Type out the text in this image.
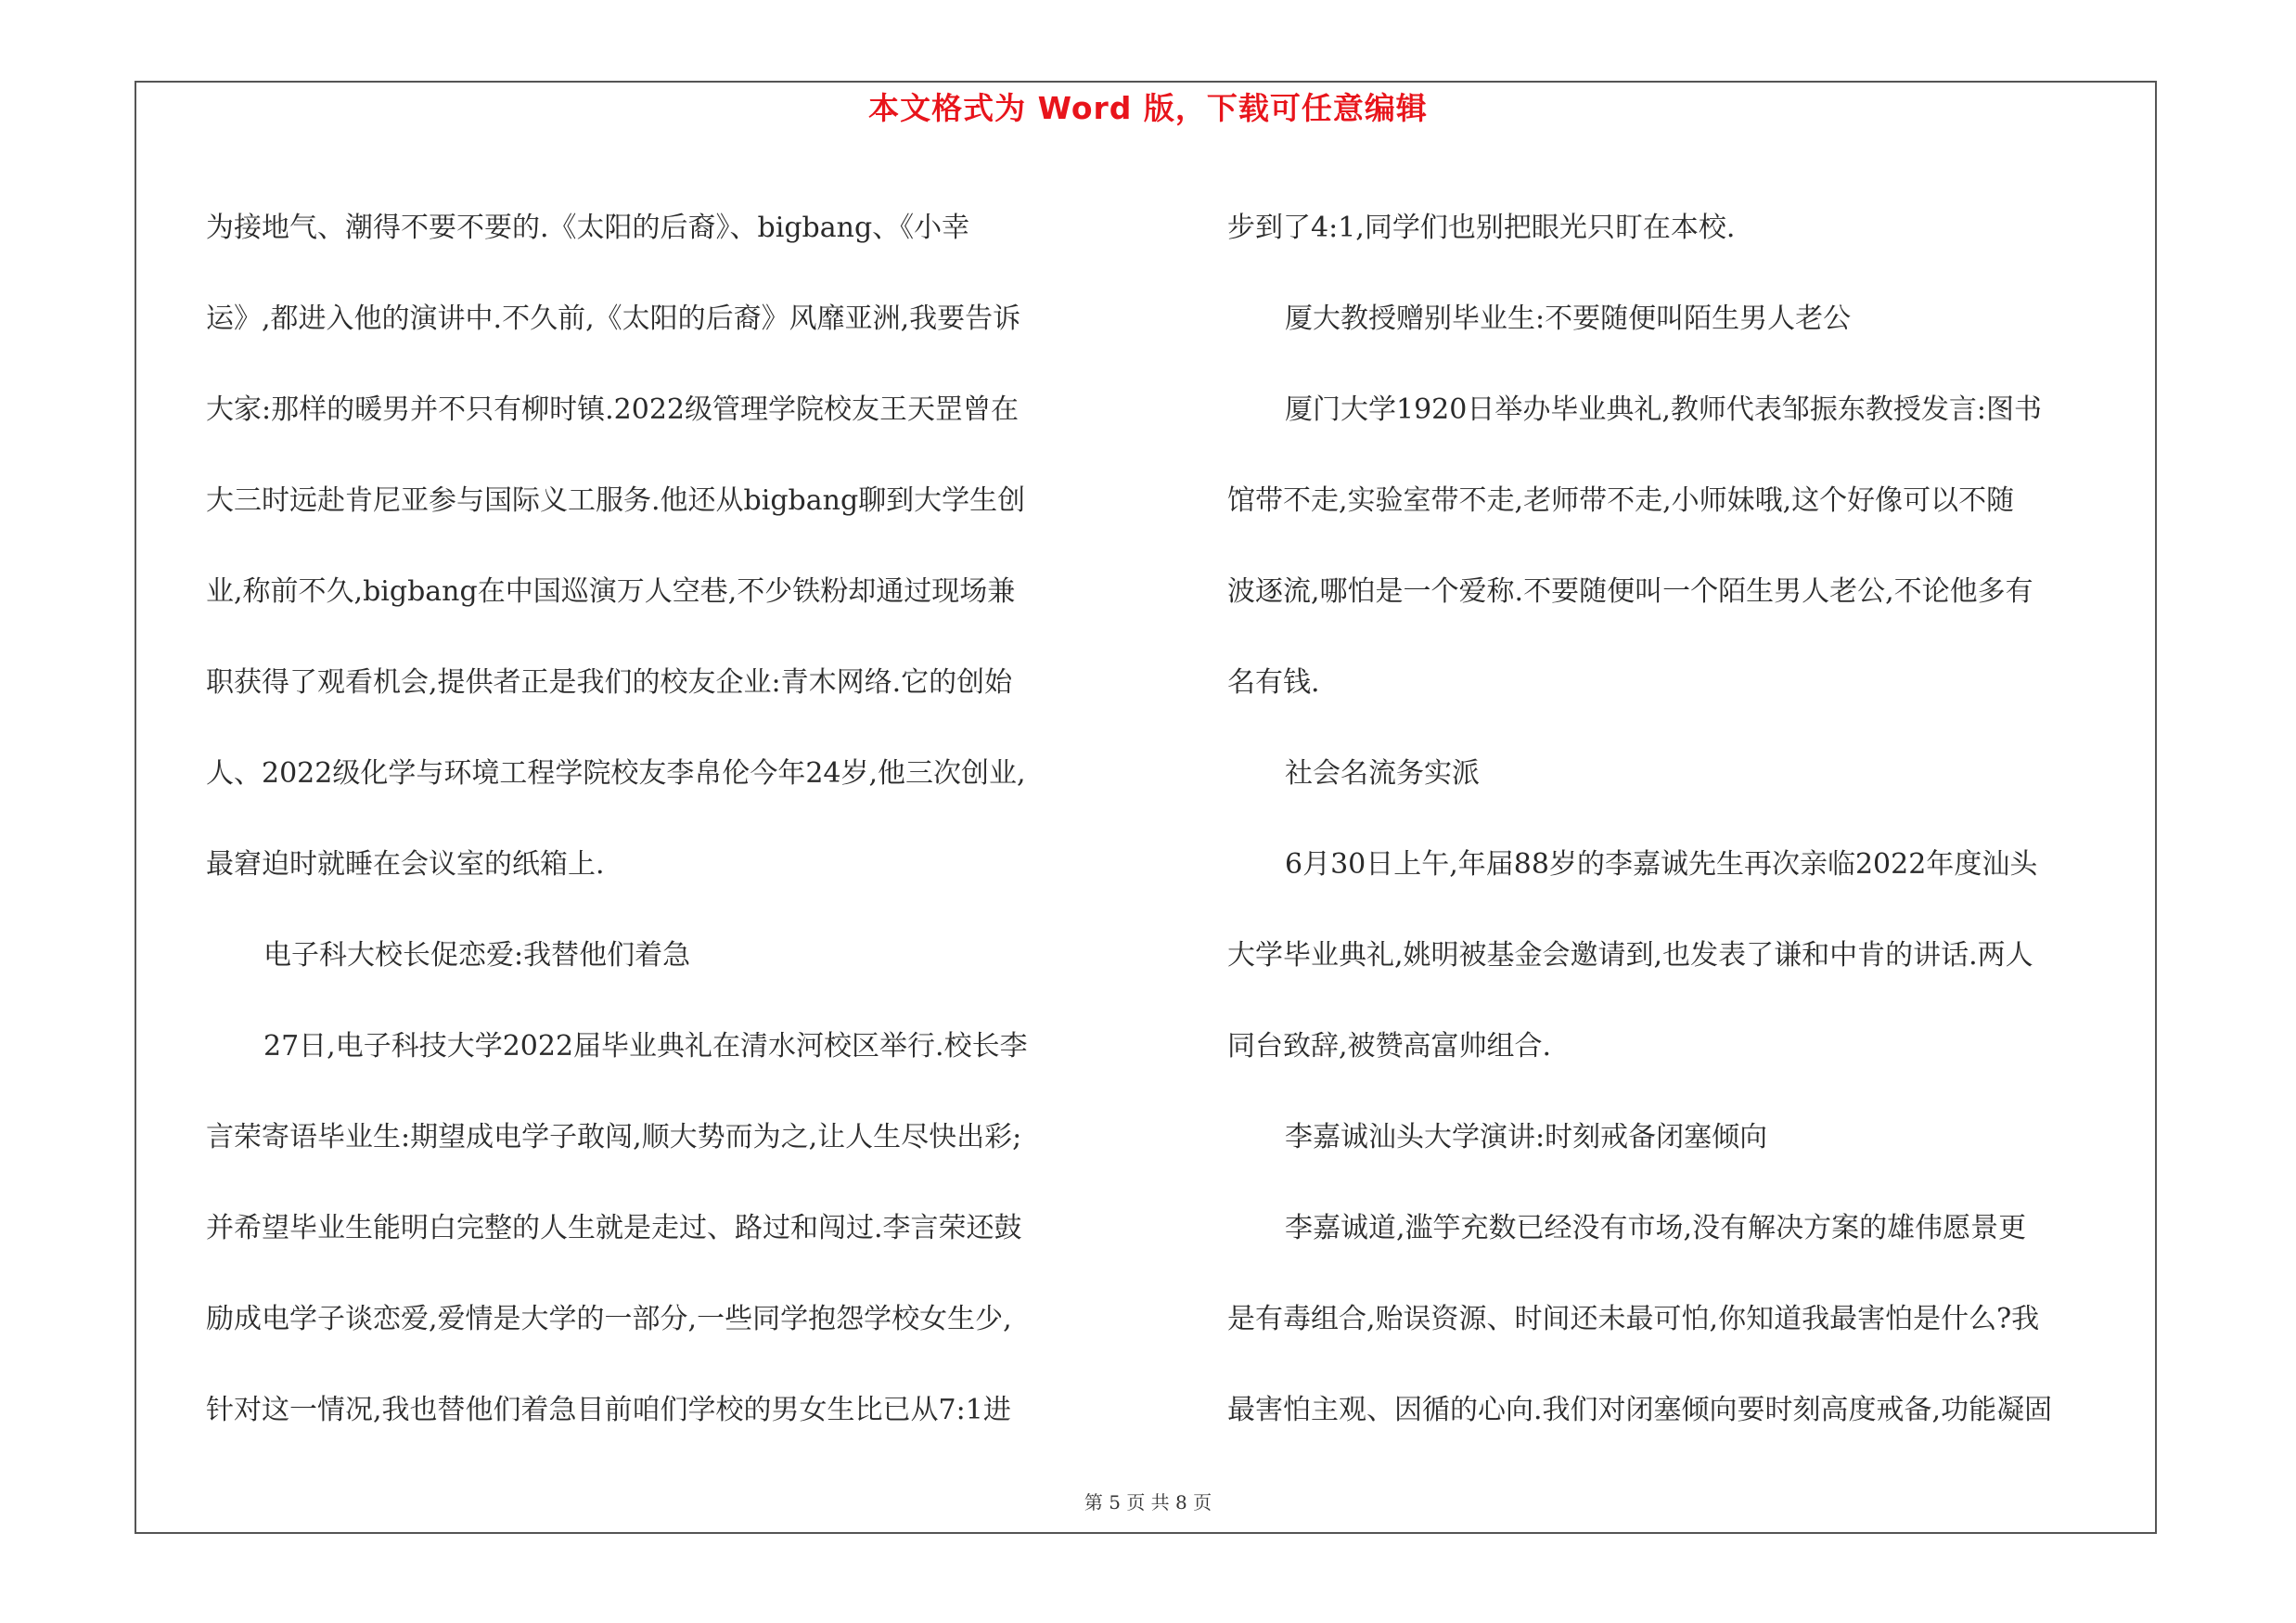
本文格式为 Word 版，下载可任意编辑
为接地气、潮得不要不要的.《太阳的后裔》、bigbang、《小幸
运》,都进入他的演讲中.不久前,《太阳的后裔》风靡亚洲,我要告诉
大家:那样的暖男并不只有柳时镇.2022级管理学院校友王天罡曾在
大三时远赴肯尼亚参与国际义工服务.他还从bigbang聊到大学生创
业,称前不久,bigbang在中国巡演万人空巷,不少铁粉却通过现场兼
职获得了观看机会,提供者正是我们的校友企业:青木网络.它的创始
人、2022级化学与环境工程学院校友李帛伦今年24岁,他三次创业,
最窘迫时就睡在会议室的纸箱上.
电子科大校长促恋爱:我替他们着急
27日,电子科技大学2022届毕业典礼在清水河校区举行.校长李
言荣寄语毕业生:期望成电学子敢闯,顺大势而为之,让人生尽快出彩;
并希望毕业生能明白完整的人生就是走过、路过和闯过.李言荣还鼓
励成电学子谈恋爱,爱情是大学的一部分,一些同学抱怨学校女生少,
针对这一情况,我也替他们着急目前咱们学校的男女生比已从7:1进
步到了4:1,同学们也别把眼光只盯在本校.
厦大教授赠别毕业生:不要随便叫陌生男人老公
厦门大学1920日举办毕业典礼,教师代表邹振东教授发言:图书
馆带不走,实验室带不走,老师带不走,小师妹哦,这个好像可以不随
波逐流,哪怕是一个爱称.不要随便叫一个陌生男人老公,不论他多有
名有钱.
社会名流务实派
6月30日上午,年届88岁的李嘉诚先生再次亲临2022年度汕头
大学毕业典礼,姚明被基金会邀请到,也发表了谦和中肯的讲话.两人
同台致辞,被赞高富帅组合.
李嘉诚汕头大学演讲:时刻戒备闭塞倾向
李嘉诚道,滥竽充数已经没有市场,没有解决方案的雄伟愿景更
是有毒组合,贻误资源、时间还未最可怕,你知道我最害怕是什么?我
最害怕主观、因循的心向.我们对闭塞倾向要时刻高度戒备,功能凝固
第 5 页 共 8 页
